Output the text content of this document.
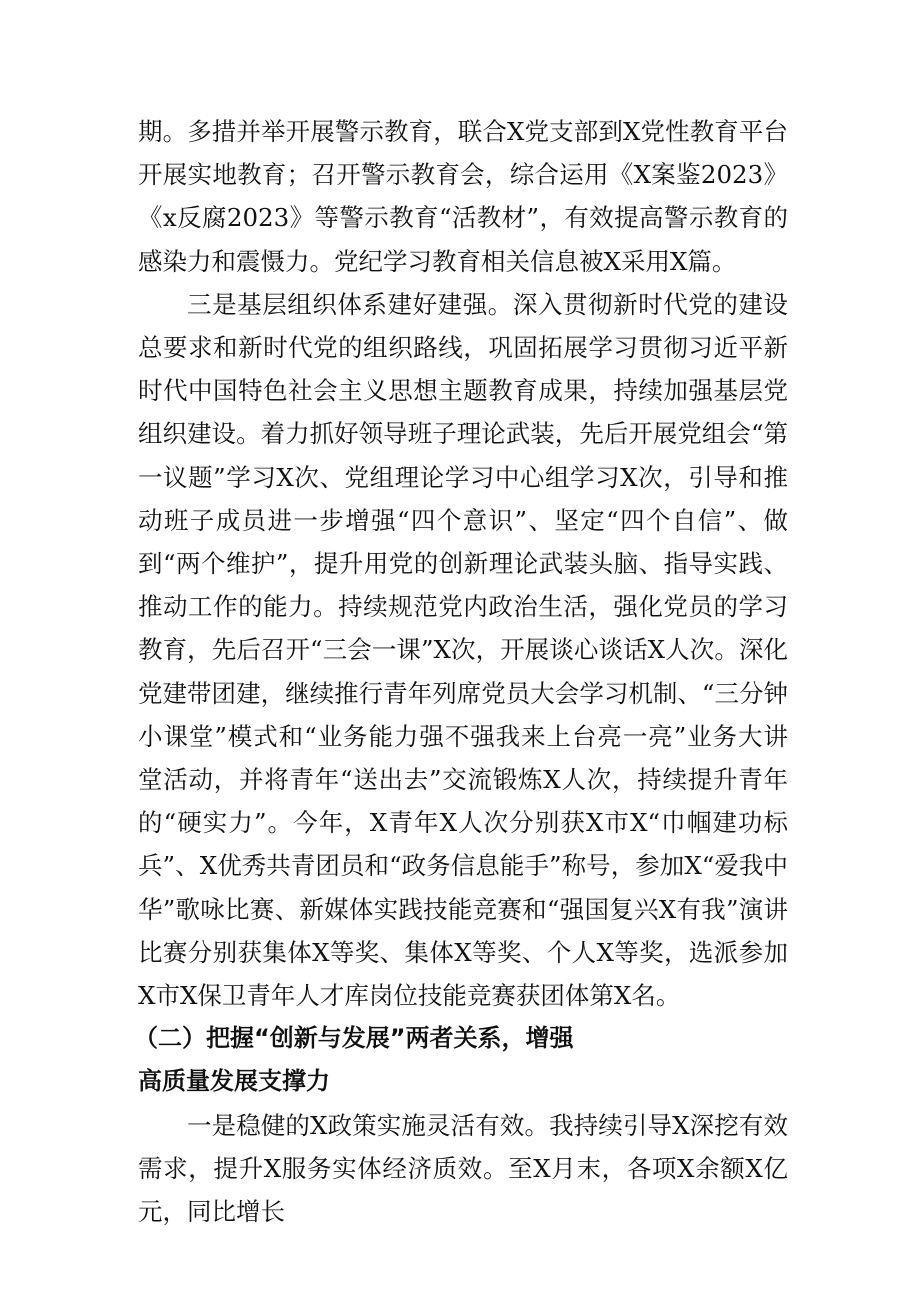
期。多措并举开展警示教育，联合X党支部到X党性教育平台开展实地教育；召开警示教育会，综合运用《X案鉴2023》《x反腐2023》等警示教育“活教材”，有效提高警示教育的感染力和震慑力。党纪学习教育相关信息被X采用X篇。

三是基层组织体系建好建强。深入贯彻新时代党的建设总要求和新时代党的组织路线，巩固拓展学习贯彻习近平新时代中国特色社会主义思想主题教育成果，持续加强基层党组织建设。着力抓好领导班子理论武装，先后开展党组会“第一议题”学习X次、党组理论学习中心组学习X次，引导和推动班子成员进一步增强“四个意识”、坚定“四个自信”、做到“两个维护”，提升用党的创新理论武装头脑、指导实践、推动工作的能力。持续规范党内政治生活，强化党员的学习教育，先后召开“三会一课”X次，开展谈心谈话X人次。深化党建带团建，继续推行青年列席党员大会学习机制、“三分钟小课堂”模式和“业务能力强不强我来上台亮一亮”业务大讲堂活动，并将青年“送出去”交流锻炼X人次，持续提升青年的“硬实力”。今年，X青年X人次分别获X市X“巾帼建功标兵”、X优秀共青团员和“政务信息能手”称号，参加X“爱我中华”歌咏比赛、新媒体实践技能竞赛和“强国复兴X有我”演讲比赛分别获集体X等奖、集体X等奖、个人X等奖，选派参加X市X保卫青年人才库岗位技能竞赛获团体第X名。

（二）把握“创新与发展”两者关系，增强
高质量发展支撑力

一是稳健的X政策实施灵活有效。我持续引导X深挖有效需求，提升X服务实体经济质效。至X月末，各项X余额X亿元，同比增长
